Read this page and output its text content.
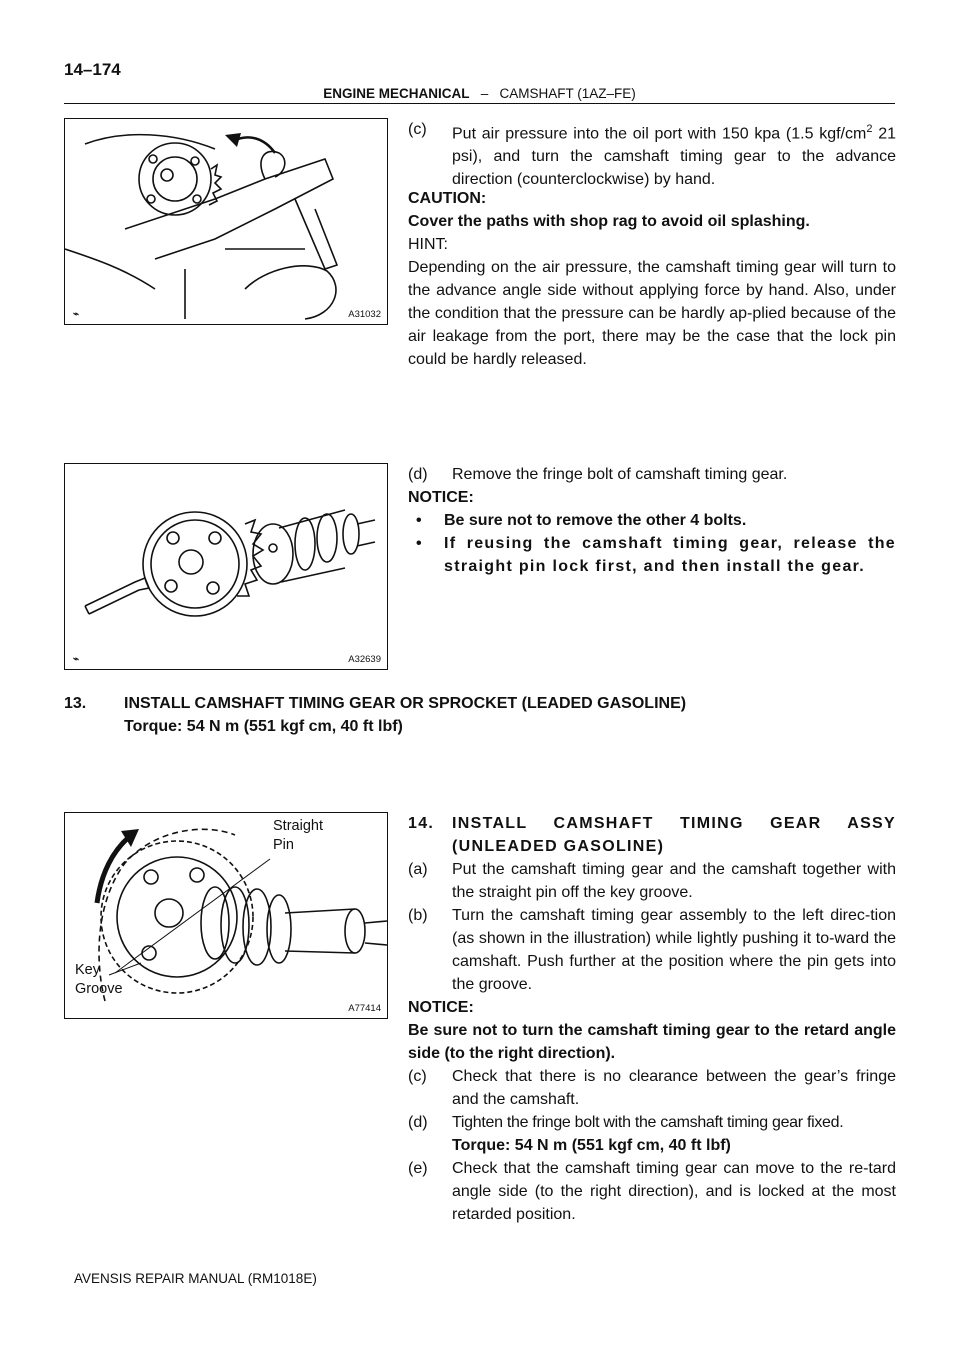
14–174
ENGINE MECHANICAL – CAMSHAFT (1AZ–FE)
⌁	A31032
(c) Put air pressure into the oil port with 150 kpa (1.5 kgf/$cm^2$ 21 psi), and turn the camshaft timing gear to the advance direction (counterclockwise) by hand.
CAUTION:
Cover the paths with shop rag to avoid oil splashing.
HINT:
Depending on the air pressure, the camshaft timing gear will turn to the advance angle side without applying force by hand. Also, under the condition that the pressure can be hardly ap-plied because of the air leakage from the port, there may be the case that the lock pin could be hardly released.
⌁	A32639
(d) Remove the fringe bolt of camshaft timing gear.
NOTICE:
• Be sure not to remove the other 4 bolts.
• If reusing the camshaft timing gear, release the straight pin lock first, and then install the gear.
13. INSTALL CAMSHAFT TIMING GEAR OR SPROCKET (LEADED GASOLINE)
Torque: 54 N m (551 kgf cm, 40 ft lbf)
Straight
Pin
Key
Groove
A77414
14. INSTALL CAMSHAFT TIMING GEAR ASSY
(UNLEADED GASOLINE)
(a) Put the camshaft timing gear and the camshaft together with the straight pin off the key groove.
(b) Turn the camshaft timing gear assembly to the left direc-tion (as shown in the illustration) while lightly pushing it to-ward the camshaft. Push further at the position where the pin gets into the groove.
NOTICE:
Be sure not to turn the camshaft timing gear to the retard angle side (to the right direction).
(c) Check that there is no clearance between the gear’s fringe and the camshaft.
(d) Tighten the fringe bolt with the camshaft timing gear fixed.
Torque: 54 N m (551 kgf cm, 40 ft lbf)
(e) Check that the camshaft timing gear can move to the re-tard angle side (to the right direction), and is locked at the most retarded position.
AVENSIS REPAIR MANUAL (RM1018E)
